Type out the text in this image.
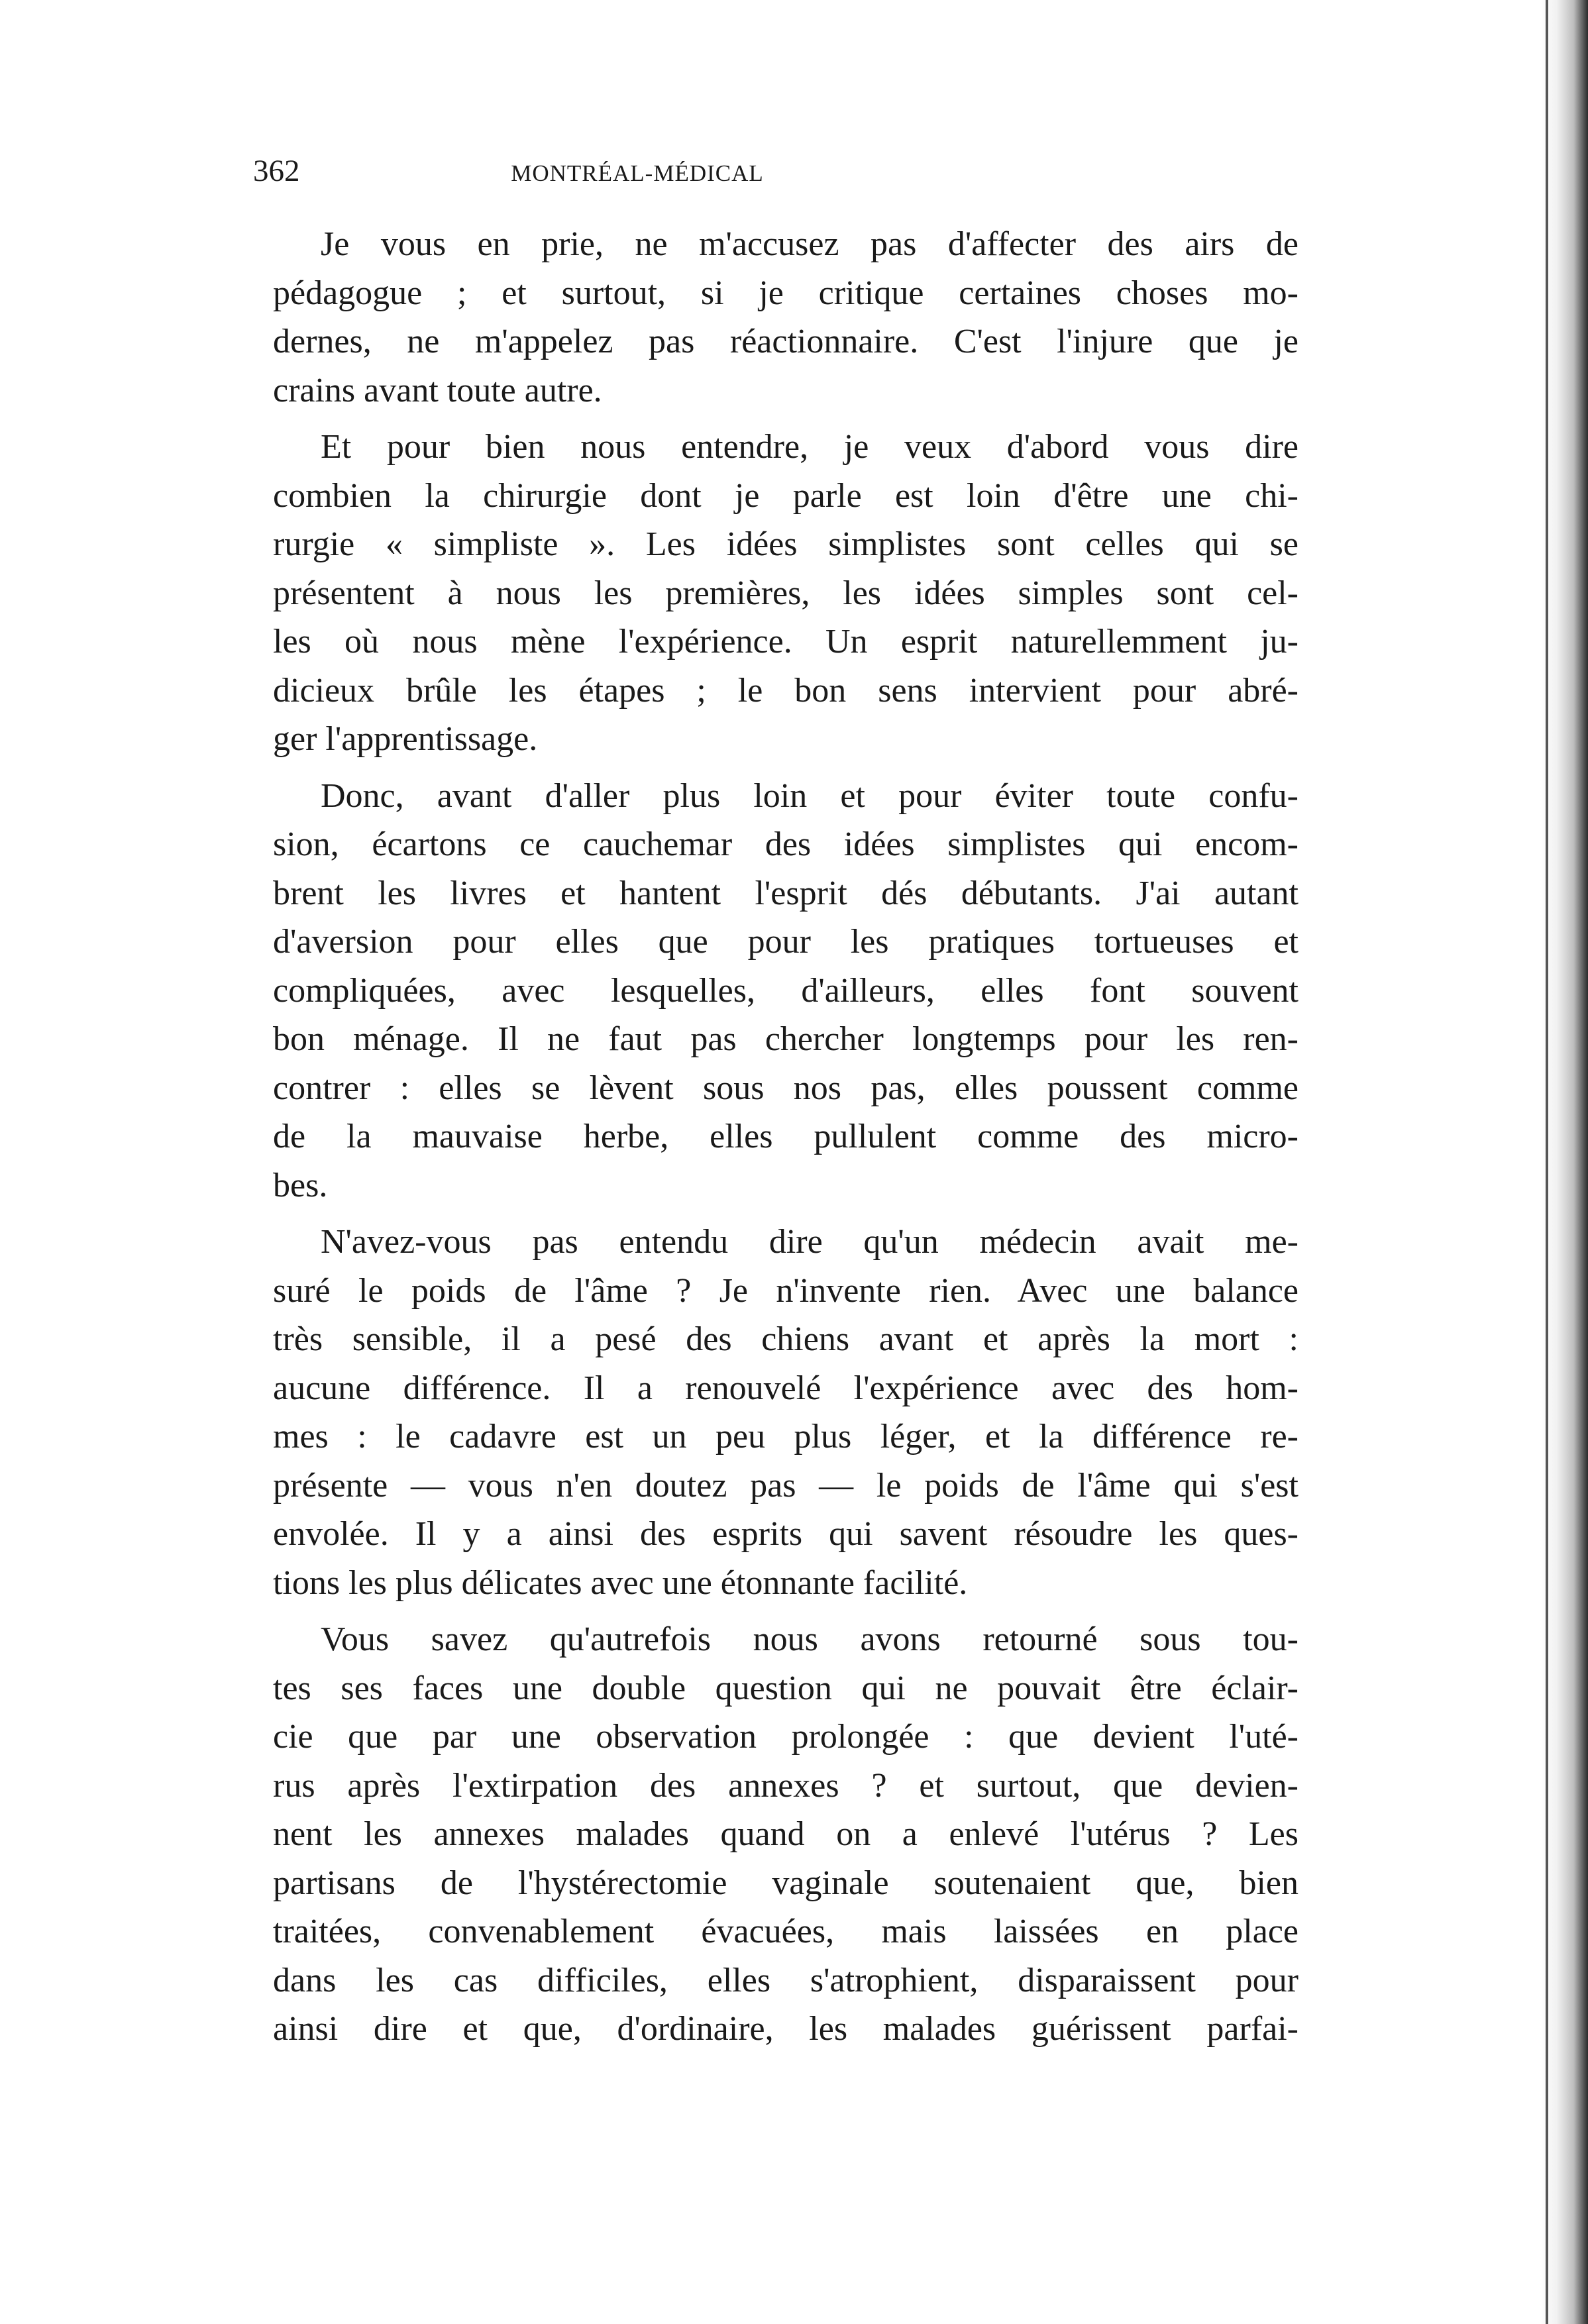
362	MONTRÉAL-MÉDICAL

Je vous en prie, ne m'accusez pas d'affecter des airs de
pédagogue ; et surtout, si je critique certaines choses mo-
dernes, ne m'appelez pas réactionnaire. C'est l'injure que je
crains avant toute autre.

Et pour bien nous entendre, je veux d'abord vous dire
combien la chirurgie dont je parle est loin d'être une chi-
rurgie « simpliste ». Les idées simplistes sont celles qui se
présentent à nous les premières, les idées simples sont cel-
les où nous mène l'expérience. Un esprit naturellemment ju-
dicieux brûle les étapes ; le bon sens intervient pour abré-
ger l'apprentissage.

Donc, avant d'aller plus loin et pour éviter toute confu-
sion, écartons ce cauchemar des idées simplistes qui encom-
brent les livres et hantent l'esprit dés débutants. J'ai autant
d'aversion pour elles que pour les pratiques tortueuses et
compliquées, avec lesquelles, d'ailleurs, elles font souvent
bon ménage. Il ne faut pas chercher longtemps pour les ren-
contrer : elles se lèvent sous nos pas, elles poussent comme
de la mauvaise herbe, elles pullulent comme des micro-
bes.

N'avez-vous pas entendu dire qu'un médecin avait me-
suré le poids de l'âme ? Je n'invente rien. Avec une balance
très sensible, il a pesé des chiens avant et après la mort :
aucune différence. Il a renouvelé l'expérience avec des hom-
mes : le cadavre est un peu plus léger, et la différence re-
présente — vous n'en doutez pas — le poids de l'âme qui s'est
envolée. Il y a ainsi des esprits qui savent résoudre les ques-
tions les plus délicates avec une étonnante facilité.

Vous savez qu'autrefois nous avons retourné sous tou-
tes ses faces une double question qui ne pouvait être éclair-
cie que par une observation prolongée : que devient l'uté-
rus après l'extirpation des annexes ? et surtout, que devien-
nent les annexes malades quand on a enlevé l'utérus ? Les
partisans de l'hystérectomie vaginale soutenaient que, bien
traitées, convenablement évacuées, mais laissées en place
dans les cas difficiles, elles s'atrophient, disparaissent pour
ainsi dire et que, d'ordinaire, les malades guérissent parfai-
